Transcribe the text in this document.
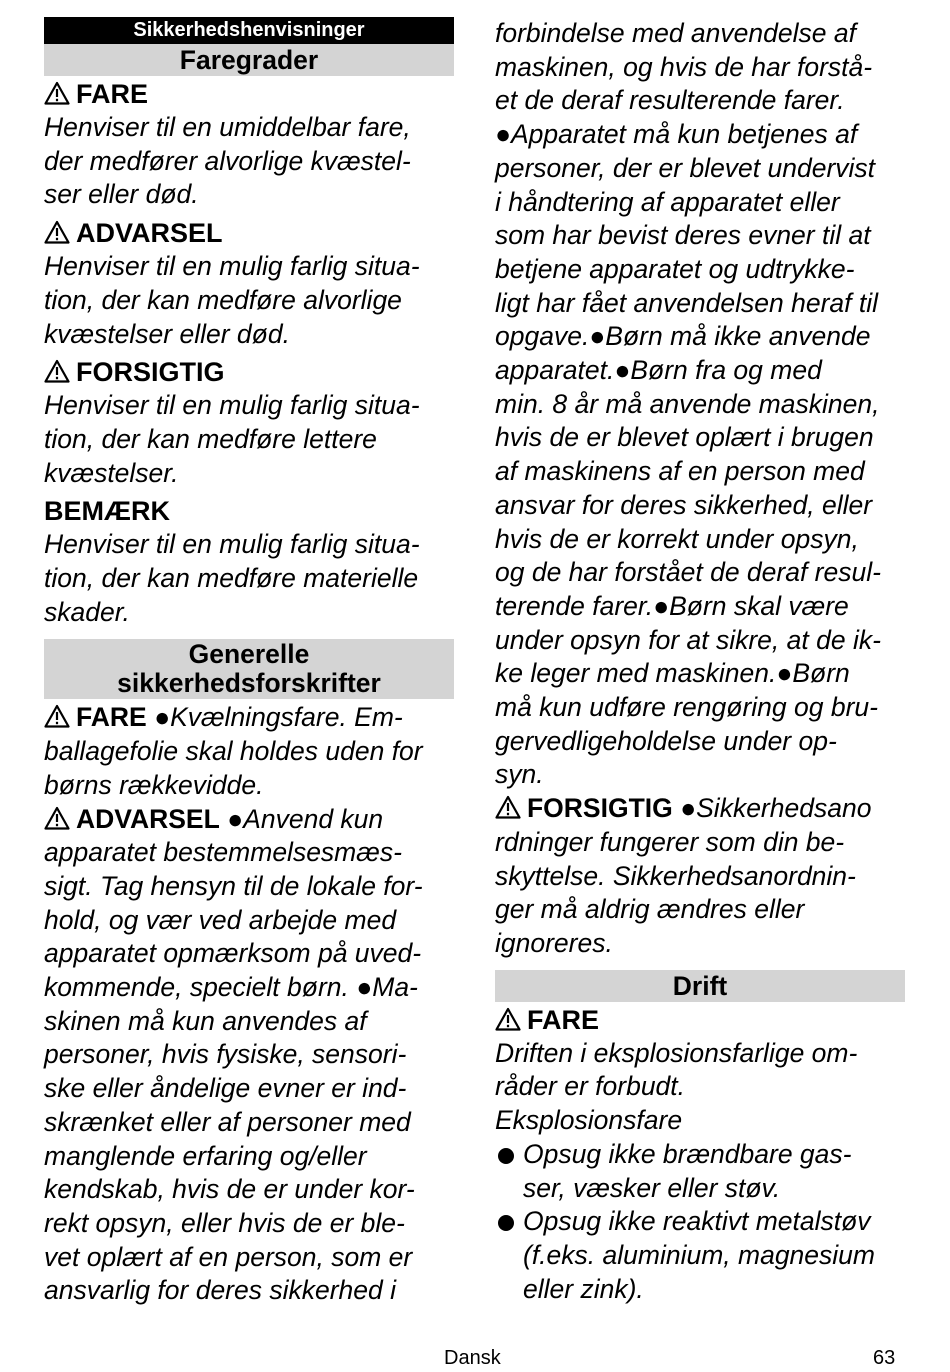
Sikkerhedshenvisninger
Faregrader
FARE
Henviser til en umiddelbar fare,
der medfører alvorlige kvæstel-
ser eller død.
ADVARSEL
Henviser til en mulig farlig situa-
tion, der kan medføre alvorlige
kvæstelser eller død.
FORSIGTIG
Henviser til en mulig farlig situa-
tion, der kan medføre lettere
kvæstelser.
BEMÆRK
Henviser til en mulig farlig situa-
tion, der kan medføre materielle
skader.
Generelle
sikkerhedsforskrifter
FARE ●Kvælningsfare. Em-
ballagefolie skal holdes uden for
børns rækkevidde.
ADVARSEL ●Anvend kun
apparatet bestemmelsesmæs-
sigt. Tag hensyn til de lokale for-
hold, og vær ved arbejde med
apparatet opmærksom på uved-
kommende, specielt børn. ●Ma-
skinen må kun anvendes af
personer, hvis fysiske, sensori-
ske eller åndelige evner er ind-
skrænket eller af personer med
manglende erfaring og/eller
kendskab, hvis de er under kor-
rekt opsyn, eller hvis de er ble-
vet oplært af en person, som er
ansvarlig for deres sikkerhed i
forbindelse med anvendelse af
maskinen, og hvis de har forstå-
et de deraf resulterende farer.
●Apparatet må kun betjenes af
personer, der er blevet undervist
i håndtering af apparatet eller
som har bevist deres evner til at
betjene apparatet og udtrykke-
ligt har fået anvendelsen heraf til
opgave.●Børn må ikke anvende
apparatet.●Børn fra og med
min. 8 år må anvende maskinen,
hvis de er blevet oplært i brugen
af maskinens af en person med
ansvar for deres sikkerhed, eller
hvis de er korrekt under opsyn,
og de har forstået de deraf resul-
terende farer.●Børn skal være
under opsyn for at sikre, at de ik-
ke leger med maskinen.●Børn
må kun udføre rengøring og bru-
gervedligeholdelse under op-
syn.
FORSIGTIG ●Sikkerhedsano
rdninger fungerer som din be-
skyttelse. Sikkerhedsanordnin-
ger må aldrig ændres eller
ignoreres.
Drift
FARE
Driften i eksplosionsfarlige om-
råder er forbudt.
Eksplosionsfare
Opsug ikke brændbare gas-
ser, væsker eller støv.
Opsug ikke reaktivt metalstøv
(f.eks. aluminium, magnesium
eller zink).
Dansk	63
